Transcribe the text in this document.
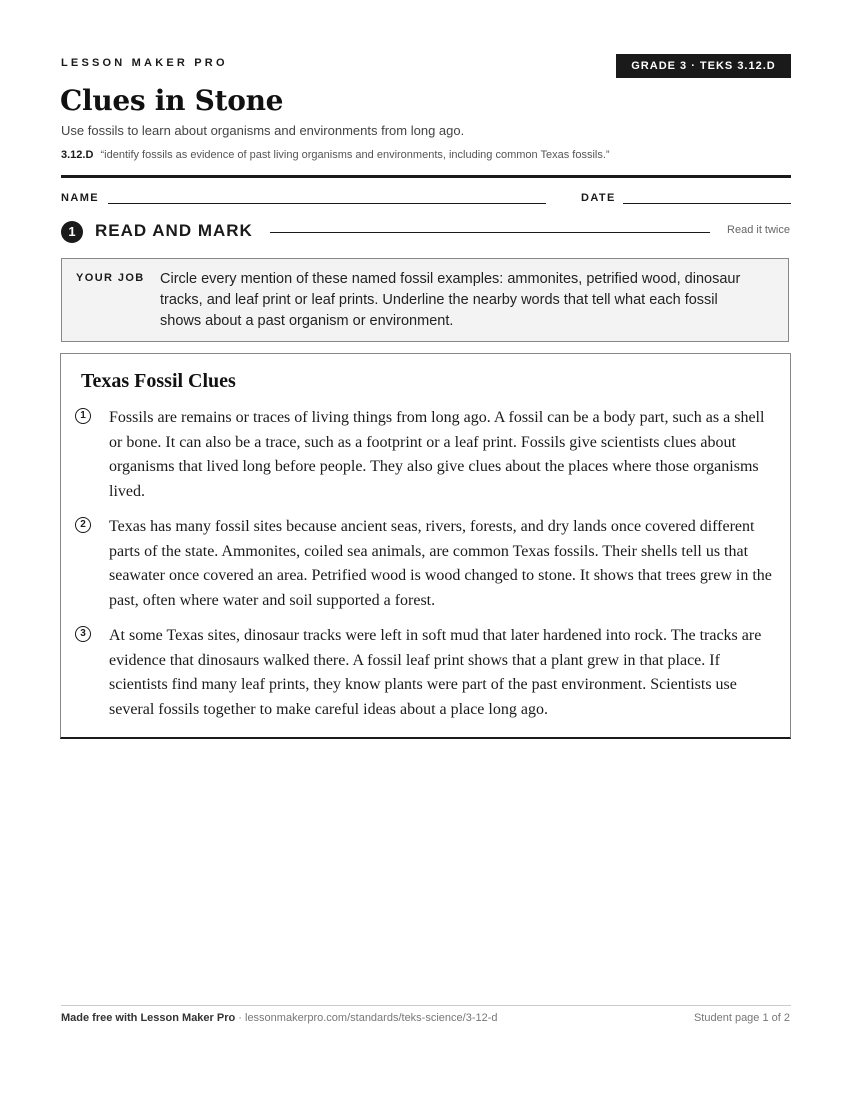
LESSON MAKER PRO	GRADE 3 · TEKS 3.12.D
Clues in Stone
Use fossils to learn about organisms and environments from long ago.
3.12.D “identify fossils as evidence of past living organisms and environments, including common Texas fossils.”
NAME	DATE
1	READ AND MARK	Read it twice
YOUR JOB Circle every mention of these named fossil examples: ammonites, petrified wood, dinosaur tracks, and leaf print or leaf prints. Underline the nearby words that tell what each fossil shows about a past organism or environment.
Texas Fossil Clues
1	Fossils are remains or traces of living things from long ago. A fossil can be a body part, such as a shell or bone. It can also be a trace, such as a footprint or a leaf print. Fossils give scientists clues about organisms that lived long before people. They also give clues about the places where those organisms lived.

2	Texas has many fossil sites because ancient seas, rivers, forests, and dry lands once covered different parts of the state. Ammonites, coiled sea animals, are common Texas fossils. Their shells tell us that seawater once covered an area. Petrified wood is wood changed to stone. It shows that trees grew in the past, often where water and soil supported a forest.

3	At some Texas sites, dinosaur tracks were left in soft mud that later hardened into rock. The tracks are evidence that dinosaurs walked there. A fossil leaf print shows that a plant grew in that place. If scientists find many leaf prints, they know plants were part of the past environment. Scientists use several fossils together to make careful ideas about a place long ago.

Made free with Lesson Maker Pro · lessonmakerpro.com/standards/teks-science/3-12-d	Student page 1 of 2
